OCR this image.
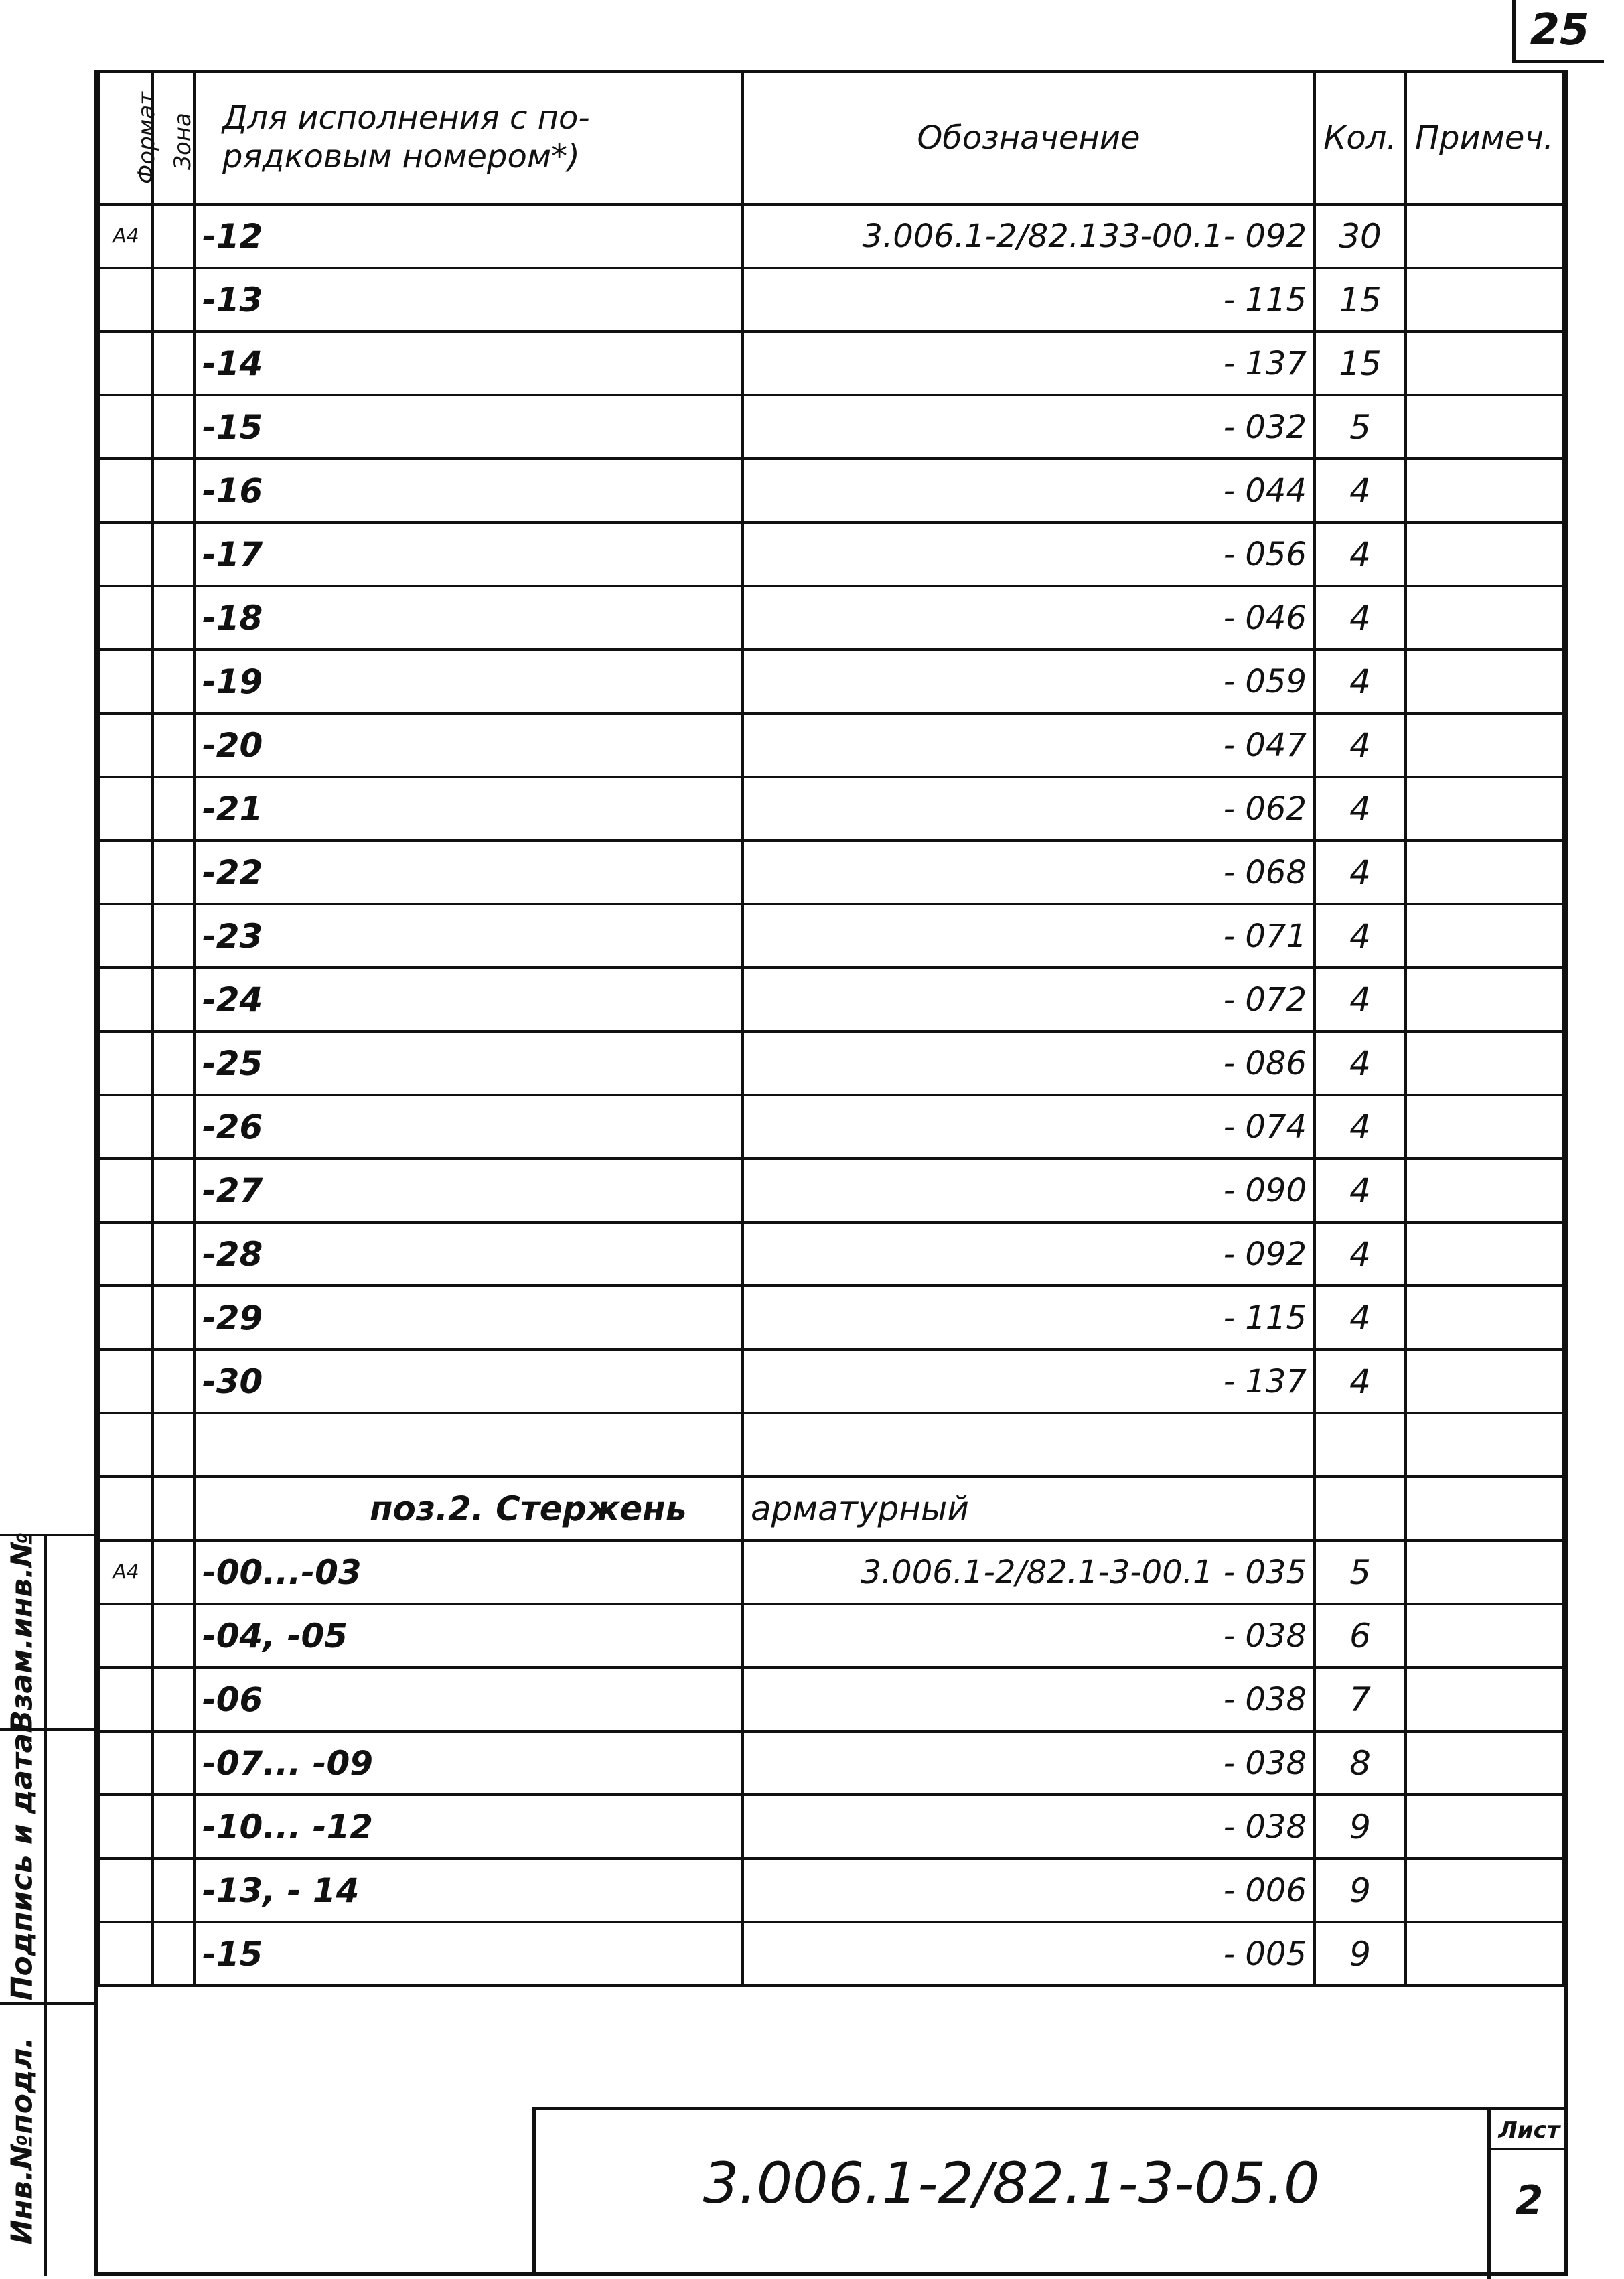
25
Формат	Зона	Для исполнения с по-
рядковым номером*)	Обозначение	Кол.	Примеч.
А4		-12	3.006.1-2/82.133-00.1- 092	30	
		-13	- 115	15	
		-14	- 137	15	
		-15	- 032	5	
		-16	- 044	4	
		-17	- 056	4	
		-18	- 046	4	
		-19	- 059	4	
		-20	- 047	4	
		-21	- 062	4	
		-22	- 068	4	
		-23	- 071	4	
		-24	- 072	4	
		-25	- 086	4	
		-26	- 074	4	
		-27	- 090	4	
		-28	- 092	4	
		-29	- 115	4	
		-30	- 137	4	

		поз.2. Стержень	арматурный		
А4		-00...-03	3.006.1-2/82.1-3-00.1 - 035	5	
		-04, -05	- 038	6	
		-06	- 038	7	
		-07... -09	- 038	8	
		-10... -12	- 038	9	
		-13, - 14	- 006	9	
		-15	- 005	9	
Взам.инв.№
Подпись и дата
Инв.№подл.	3.006.1-2/82.1-3-05.0
Лист
2
